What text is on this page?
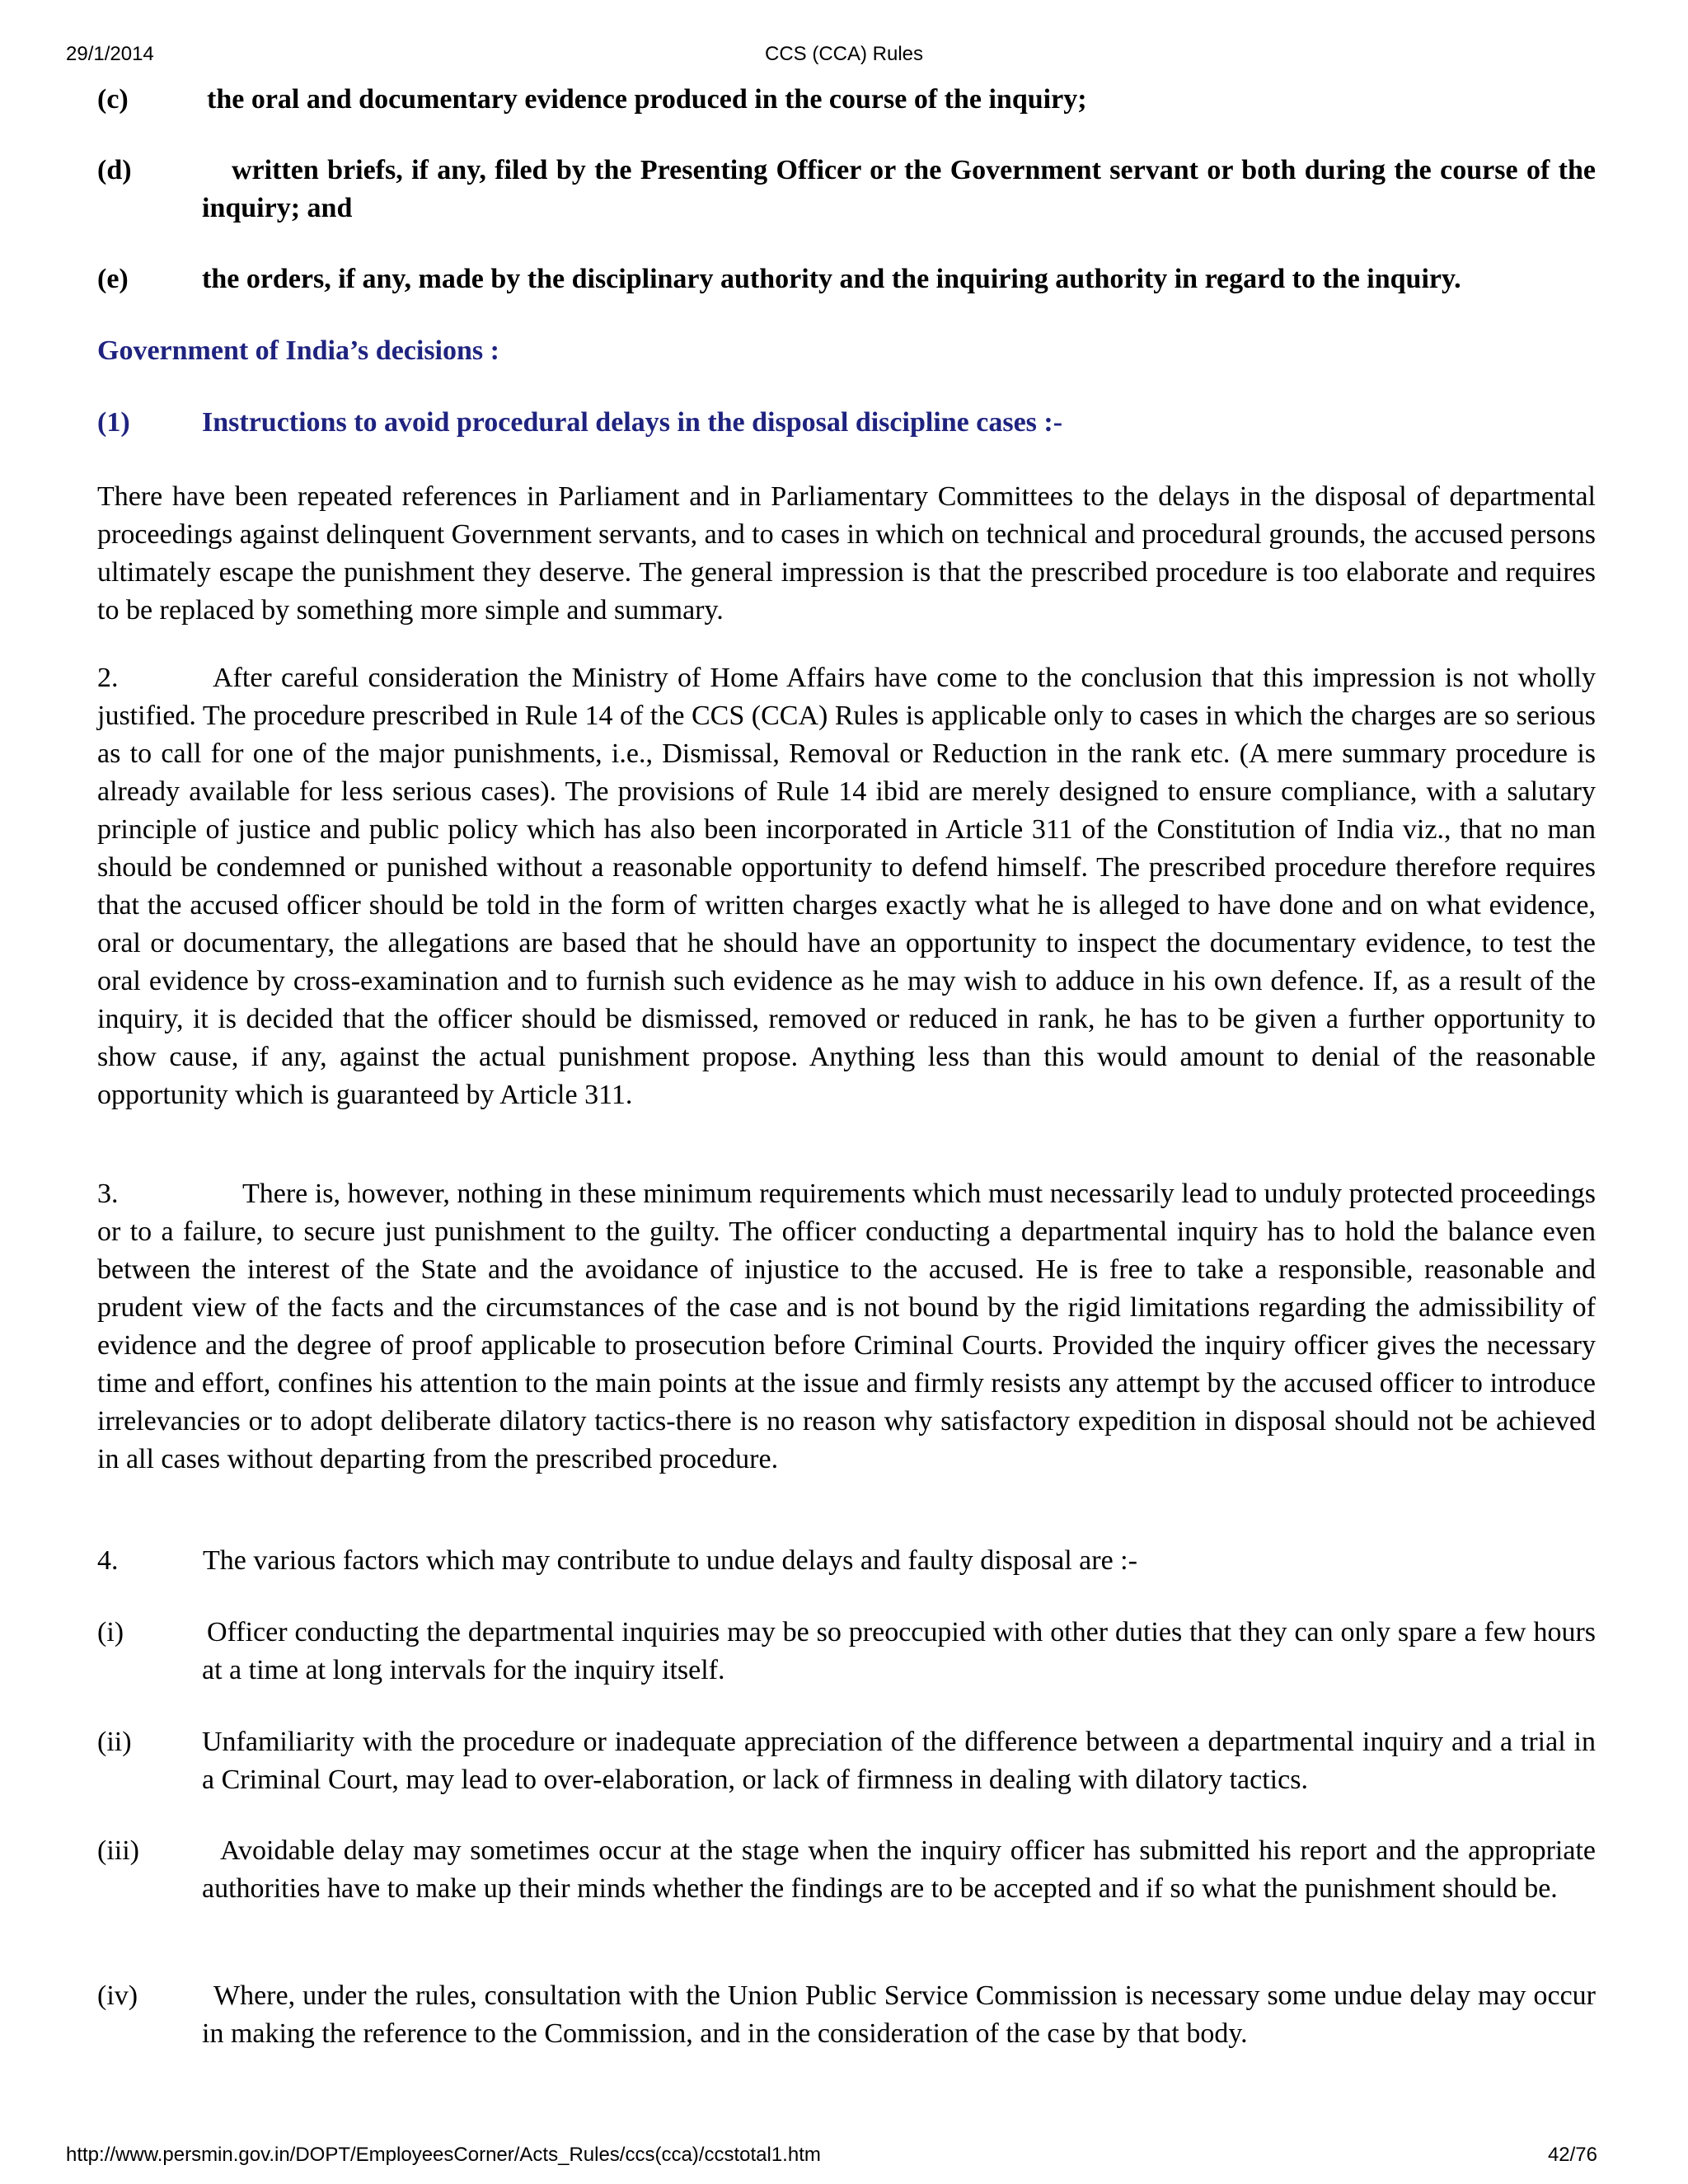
29/1/2014	CCS (CCA) Rules
(c)	the oral and documentary evidence produced in the course of the inquiry;
(d)	written briefs, if any, filed by the Presenting Officer or the Government servant or both during the course of the inquiry; and
(e)	the orders, if any, made by the disciplinary authority and the inquiring authority in regard to the inquiry.
Government of India’s decisions :
(1)	Instructions to avoid procedural delays in the disposal discipline cases :-
There have been repeated references in Parliament and in Parliamentary Committees to the delays in the disposal of departmental proceedings against delinquent Government servants, and to cases in which on technical and procedural grounds, the accused persons ultimately escape the punishment they deserve. The general impression is that the prescribed procedure is too elaborate and requires to be replaced by something more simple and summary.
2.	After careful consideration the Ministry of Home Affairs have come to the conclusion that this impression is not wholly justified. The procedure prescribed in Rule 14 of the CCS (CCA) Rules is applicable only to cases in which the charges are so serious as to call for one of the major punishments, i.e., Dismissal, Removal or Reduction in the rank etc. (A mere summary procedure is already available for less serious cases). The provisions of Rule 14 ibid are merely designed to ensure compliance, with a salutary principle of justice and public policy which has also been incorporated in Article 311 of the Constitution of India viz., that no man should be condemned or punished without a reasonable opportunity to defend himself. The prescribed procedure therefore requires that the accused officer should be told in the form of written charges exactly what he is alleged to have done and on what evidence, oral or documentary, the allegations are based that he should have an opportunity to inspect the documentary evidence, to test the oral evidence by cross-examination and to furnish such evidence as he may wish to adduce in his own defence. If, as a result of the inquiry, it is decided that the officer should be dismissed, removed or reduced in rank, he has to be given a further opportunity to show cause, if any, against the actual punishment propose. Anything less than this would amount to denial of the reasonable opportunity which is guaranteed by Article 311.
3.	There is, however, nothing in these minimum requirements which must necessarily lead to unduly protected proceedings or to a failure, to secure just punishment to the guilty. The officer conducting a departmental inquiry has to hold the balance even between the interest of the State and the avoidance of injustice to the accused. He is free to take a responsible, reasonable and prudent view of the facts and the circumstances of the case and is not bound by the rigid limitations regarding the admissibility of evidence and the degree of proof applicable to prosecution before Criminal Courts. Provided the inquiry officer gives the necessary time and effort, confines his attention to the main points at the issue and firmly resists any attempt by the accused officer to introduce irrelevancies or to adopt deliberate dilatory tactics-there is no reason why satisfactory expedition in disposal should not be achieved in all cases without departing from the prescribed procedure.
4.	The various factors which may contribute to undue delays and faulty disposal are :-
(i)	Officer conducting the departmental inquiries may be so preoccupied with other duties that they can only spare a few hours at a time at long intervals for the inquiry itself.
(ii)	Unfamiliarity with the procedure or inadequate appreciation of the difference between a departmental inquiry and a trial in a Criminal Court, may lead to over-elaboration, or lack of firmness in dealing with dilatory tactics.
(iii)	Avoidable delay may sometimes occur at the stage when the inquiry officer has submitted his report and the appropriate authorities have to make up their minds whether the findings are to be accepted and if so what the punishment should be.
(iv)	Where, under the rules, consultation with the Union Public Service Commission is necessary some undue delay may occur in making the reference to the Commission, and in the consideration of the case by that body.
http://www.persmin.gov.in/DOPT/EmployeesCorner/Acts_Rules/ccs(cca)/ccstotal1.htm	42/76
